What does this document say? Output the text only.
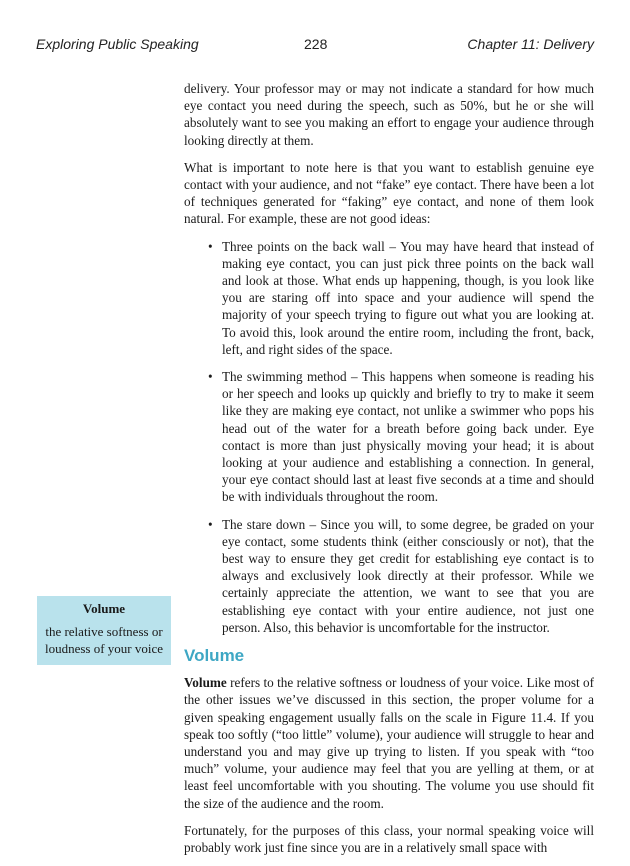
Exploring Public Speaking	228	Chapter 11: Delivery

delivery. Your professor may or may not indicate a standard for how much eye contact you need during the speech, such as 50%, but he or she will absolutely want to see you making an effort to engage your audience through looking directly at them.

What is important to note here is that you want to establish genuine eye contact with your audience, and not “fake” eye contact. There have been a lot of techniques generated for “faking” eye contact, and none of them look natural. For example, these are not good ideas:

• Three points on the back wall – You may have heard that instead of making eye contact, you can just pick three points on the back wall and look at those. What ends up happening, though, is you look like you are staring off into space and your audience will spend the majority of your speech trying to figure out what you are looking at. To avoid this, look around the entire room, including the front, back, left, and right sides of the space.
• The swimming method – This happens when someone is reading his or her speech and looks up quickly and briefly to try to make it seem like they are making eye contact, not unlike a swimmer who pops his head out of the water for a breath before going back under. Eye contact is more than just physically moving your head; it is about looking at your audience and establishing a connection. In general, your eye contact should last at least five seconds at a time and should be with individuals throughout the room.
• The stare down – Since you will, to some degree, be graded on your eye contact, some students think (either consciously or not), that the best way to ensure they get credit for establishing eye contact is to always and exclusively look directly at their professor. While we certainly appreciate the attention, we want to see that you are establishing eye contact with your entire audience, not just one person. Also, this behavior is uncomfortable for the instructor.
Volume

Volume refers to the relative softness or loudness of your voice. Like most of the other issues we’ve discussed in this section, the proper volume for a given speaking engagement usually falls on the scale in Figure 11.4. If you speak too softly (“too little” volume), your audience will struggle to hear and understand you and may give up trying to listen. If you speak with “too much” volume, your audience may feel that you are yelling at them, or at least feel uncomfortable with you shouting. The volume you use should fit the size of the audience and the room.

Fortunately, for the purposes of this class, your normal speaking voice will probably work just fine since you are in a relatively small space with

Volume
the relative softness or loudness of your voice
